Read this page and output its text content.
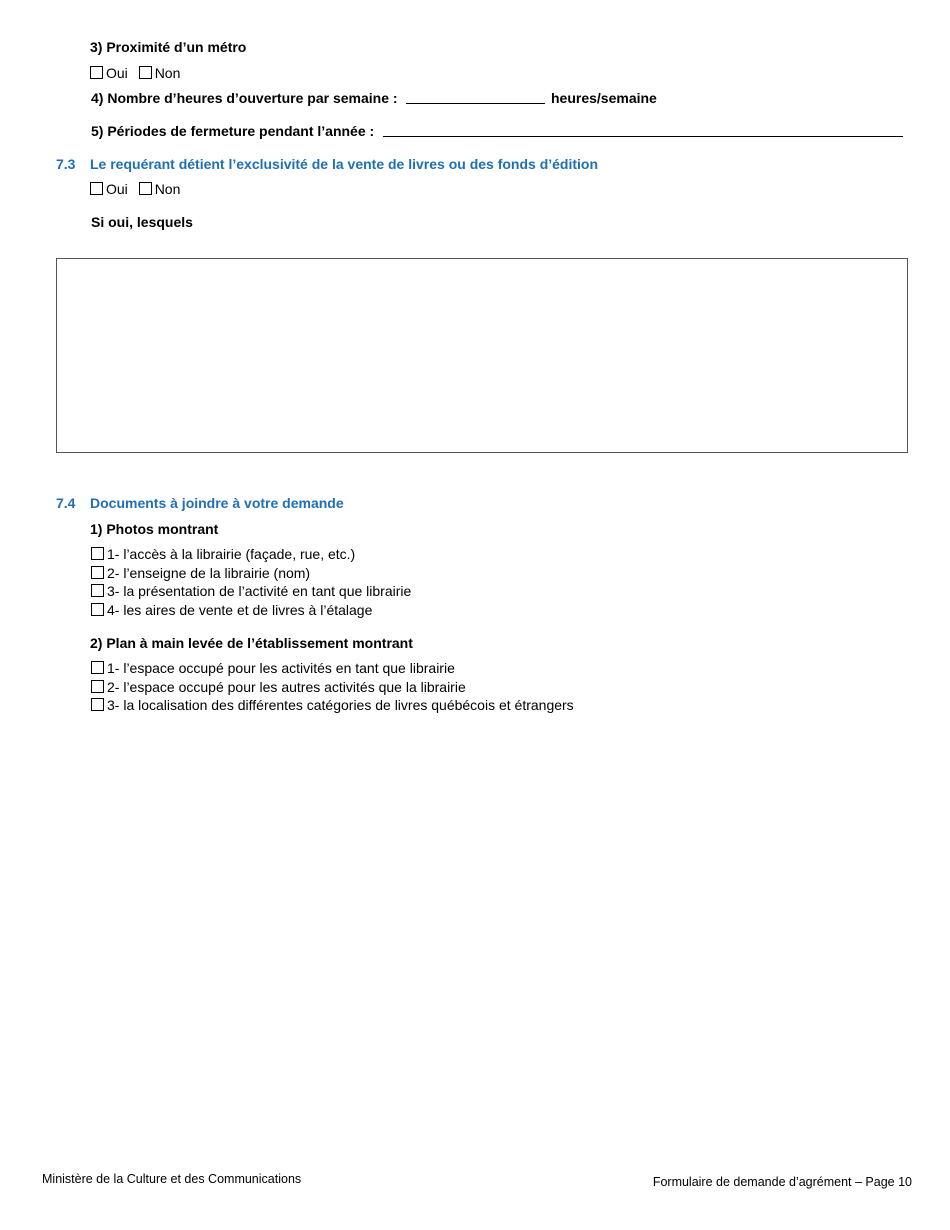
3) Proximité d’un métro
Oui Non
4) Nombre d’heures d’ouverture par semaine :	heures/semaine
5) Périodes de fermeture pendant l’année :
7.3 Le requérant détient l’exclusivité de la vente de livres ou des fonds d’édition
Oui Non
Si oui, lesquels
7.4 Documents à joindre à votre demande
1) Photos montrant
1- l’accès à la librairie (façade, rue, etc.)
2- l’enseigne de la librairie (nom)
3- la présentation de l’activité en tant que librairie
4- les aires de vente et de livres à l’étalage
2) Plan à main levée de l’établissement montrant
1- l’espace occupé pour les activités en tant que librairie
2- l’espace occupé pour les autres activités que la librairie
3- la localisation des différentes catégories de livres québécois et étrangers
Ministère de la Culture et des Communications	Formulaire de demande d’agrément – Page 10
